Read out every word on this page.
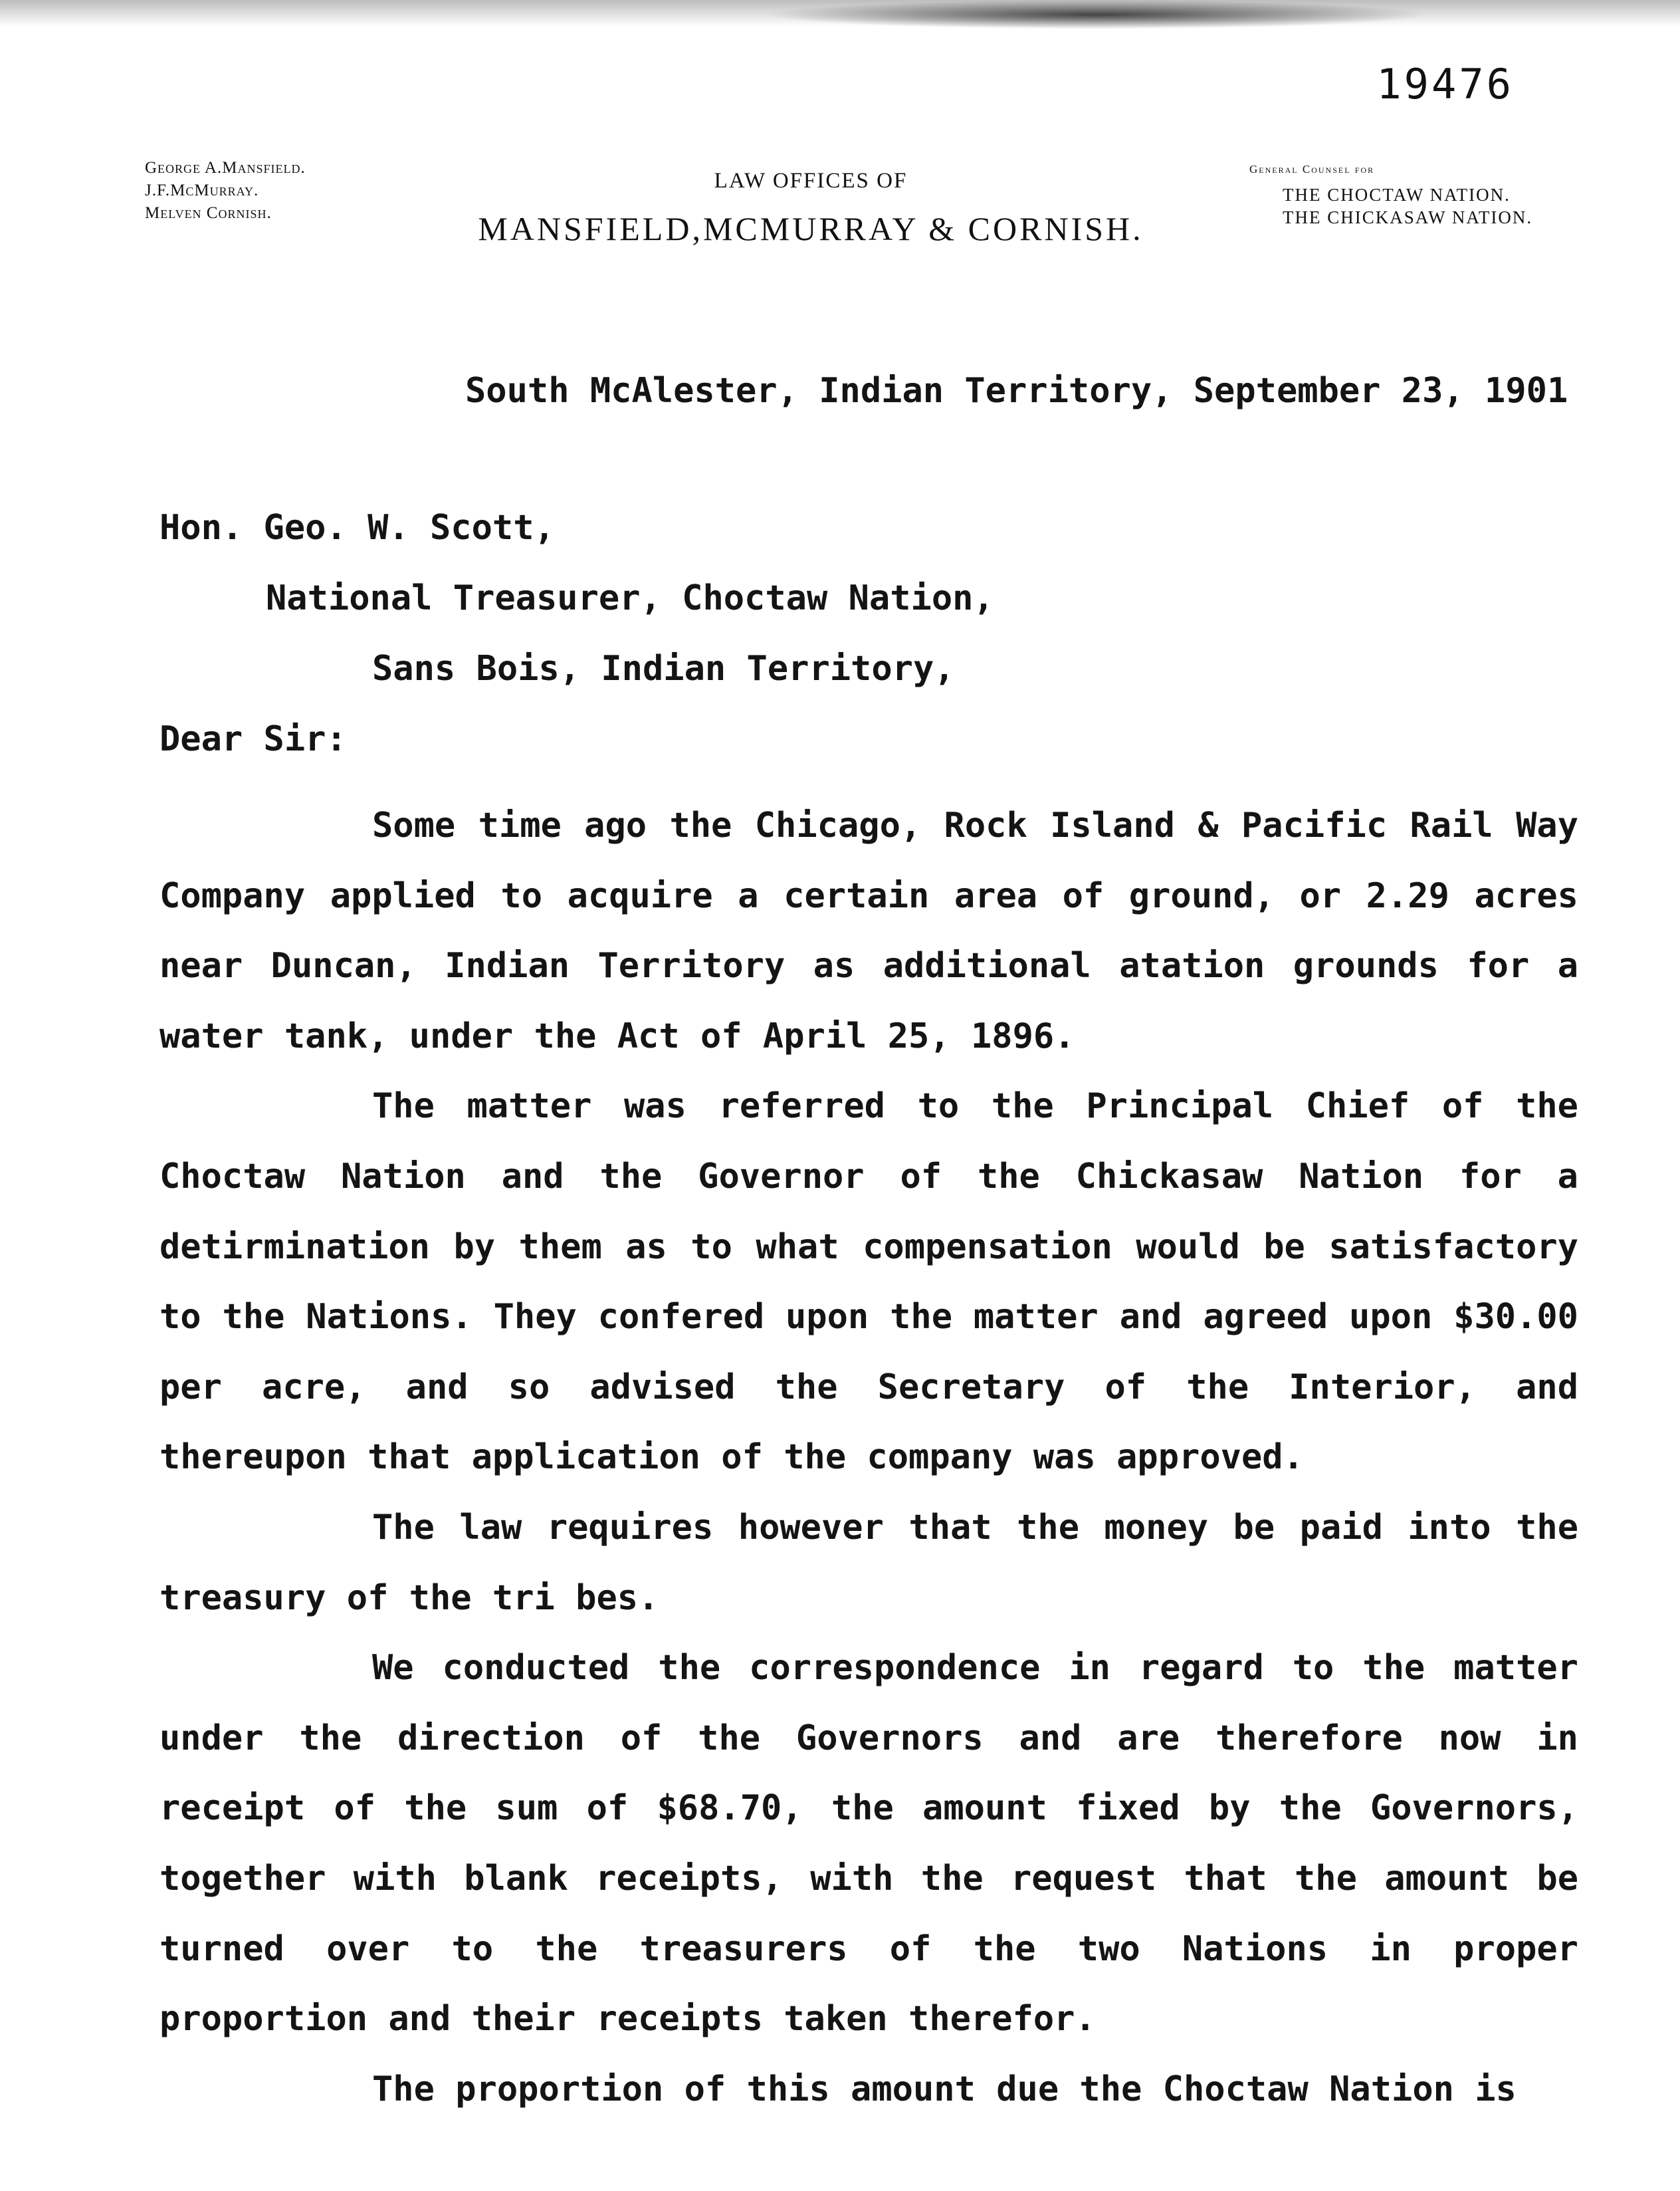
19476
George A.Mansfield.
J.F.McMurray.
Melven Cornish.
LAW OFFICES OF
MANSFIELD,MCMURRAY & CORNISH.
General Counsel for
THE CHOCTAW NATION.
THE CHICKASAW NATION.
South McAlester, Indian Territory, September 23, 1901
Hon. Geo. W. Scott,
National Treasurer, Choctaw Nation,
Sans Bois, Indian Territory,
Dear Sir:

Some time ago the Chicago, Rock Island & Pacific Rail Way Company applied to acquire a certain area of ground, or 2.29 acres near Duncan, Indian Territory as additional atation grounds for a water tank, under the Act of April 25, 1896.

The matter was referred to the Principal Chief of the Choctaw Nation and the Governor of the Chickasaw Nation for a detirmination by them as to what compensation would be satisfactory to the Nations. They confered upon the matter and agreed upon $30.00 per acre, and so advised the Secretary of the Interior, and thereupon that application of the company was approved.

The law requires however that the money be paid into the treasury of the tri bes.

We conducted the correspondence in regard to the matter under the direction of the Governors and are therefore now in receipt of the sum of $68.70, the amount fixed by the Governors, together with blank receipts, with the request that the amount be turned over to the treasurers of the two Nations in proper proportion and their receipts taken therefor.

The proportion of this amount due the Choctaw Nation is
